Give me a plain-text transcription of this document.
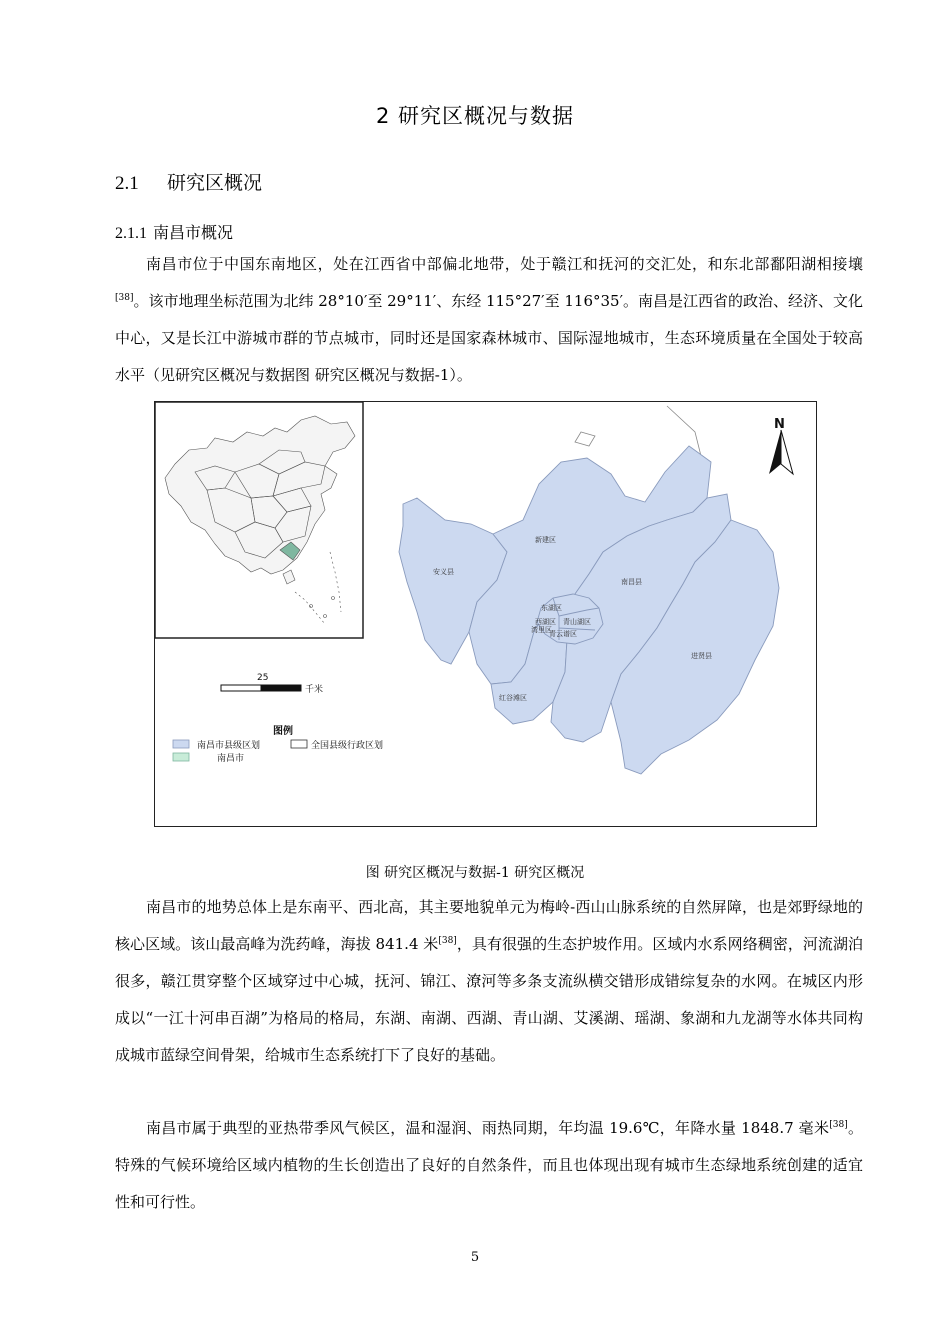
2 研究区概况与数据
2.1 研究区概况
2.1.1 南昌市概况

南昌市位于中国东南地区，处在江西省中部偏北地带，处于赣江和抚河的交汇处，和东北部鄱阳湖相接壤[38]。该市地理坐标范围为北纬 28°10′至 29°11′、东经 115°27′至 116°35′。南昌是江西省的政治、经济、文化中心，又是长江中游城市群的节点城市，同时还是国家森林城市、国际湿地城市，生态环境质量在全国处于较高水平（见研究区概况与数据图 研究区概况与数据-1）。

安义县
新建区
东湖区
西湖区 青山湖区
青云谱区
湾里区
南昌县
进贤县
红谷滩区
N
25
千米
图例
南昌市县级区划	全国县级行政区划
南昌市
图 研究区概况与数据-1 研究区概况

南昌市的地势总体上是东南平、西北高，其主要地貌单元为梅岭-西山山脉系统的自然屏障，也是郊野绿地的核心区域。该山最高峰为洗药峰，海拔 841.4 米[38]，具有很强的生态护坡作用。区域内水系网络稠密，河流湖泊很多，赣江贯穿整个区域穿过中心城，抚河、锦江、潦河等多条支流纵横交错形成错综复杂的水网。在城区内形成以“一江十河串百湖”为格局的格局，东湖、南湖、西湖、青山湖、艾溪湖、瑶湖、象湖和九龙湖等水体共同构成城市蓝绿空间骨架，给城市生态系统打下了良好的基础。

南昌市属于典型的亚热带季风气候区，温和湿润、雨热同期，年均温 19.6℃，年降水量 1848.7 毫米[38]。特殊的气候环境给区域内植物的生长创造出了良好的自然条件，而且也体现出现有城市生态绿地系统创建的适宜性和可行性。

5
